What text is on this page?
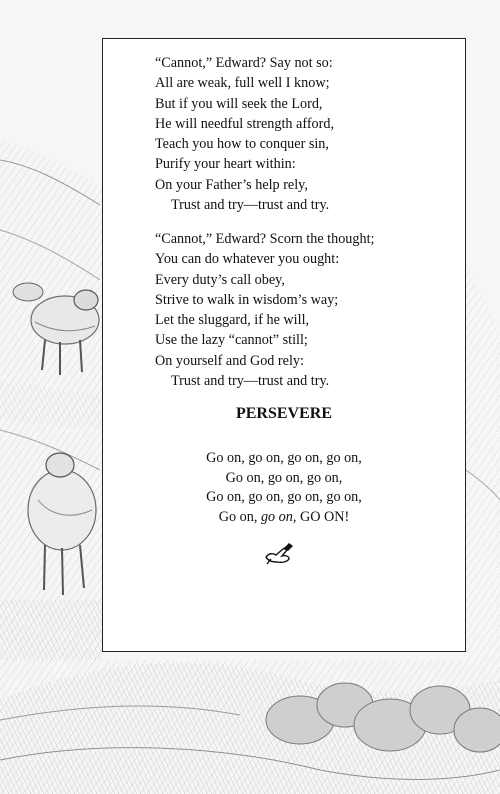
“Cannot,” Edward? Say not so:
All are weak, full well I know;
But if you will seek the Lord,
He will needful strength afford,
Teach you how to conquer sin,
Purify your heart within:
On your Father’s help rely,
Trust and try—trust and try.
“Cannot,” Edward? Scorn the thought;
You can do whatever you ought:
Every duty’s call obey,
Strive to walk in wisdom’s way;
Let the sluggard, if he will,
Use the lazy “cannot” still;
On yourself and God rely:
Trust and try—trust and try.
PERSEVERE
Go on, go on, go on, go on,
Go on, go on, go on,
Go on, go on, go on, go on,
Go on, go on, GO ON!
